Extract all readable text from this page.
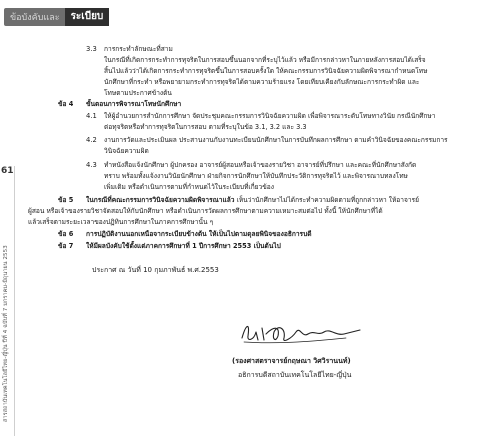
ข้อบังคับและ	ระเบียบ
61
สารสถาบันเทคโนโลยีไทย-ญี่ปุ่น ปีที่ 4 ฉบับที่ 7 มกราคม-มิถุนายน 2553
3.3 การกระทำลักษณะที่สาม
ในกรณีที่เกิดการกระทำการทุจริตในการสอบขึ้นนอกจากที่ระบุไว้แล้ว หรือมีการกล่าวหาในภายหลังการสอบได้เสร็จ
สิ้นไปแล้วว่าได้เกิดการกระทำการทุจริตขึ้นในการสอบครั้งใด ให้คณะกรรมการวินิจฉัยความผิดพิจารณากำหนดโทษ
นักศึกษาที่กระทำ หรือพยายามกระทำการทุจริตได้ตามความร้ายแรง โดยเทียบเคียงกับลักษณะการกระทำผิด และ
โทษตามประกาศข้างต้น
ข้อ 4 ขั้นตอนการพิจารณาโทษนักศึกษา
4.1 ให้ผู้อำนวยการสำนักการศึกษา จัดประชุมคณะกรรมการวินิจฉัยความผิด เพื่อพิจารณาระดับโทษทางวินัย กรณีนักศึกษา
ต่อทุจริตหรือทำการทุจริตในการสอบ ตามที่ระบุในข้อ 3.1, 3.2 และ 3.3
4.2 งานการวัดและประเมินผล ประสานงานกับงานทะเบียนนักศึกษาในการบันทึกผลการศึกษา ตามคำวินิจฉัยของคณะกรรมการ
วินิจฉัยความผิด
4.3 ทำหนังสือแจ้งนักศึกษา ผู้ปกครอง อาจารย์ผู้สอนหรือเจ้าของรายวิชา อาจารย์ที่ปรึกษา และคณะที่นักศึกษาสังกัด
ทราบ พร้อมทั้งแจ้งงานวินัยนักศึกษา ฝ่ายกิจการนักศึกษาให้บันทึกประวัติการทุจริตไว้ และพิจารณาบทลงโทษ
เพิ่มเติม หรือดำเนินการตามที่กำหนดไว้ในระเบียบที่เกี่ยวข้อง
ข้อ 5 ในกรณีที่คณะกรรมการวินิจฉัยความผิดพิจารณาแล้ว เห็นว่านักศึกษาไม่ได้กระทำความผิดตามที่ถูกกล่าวหา ให้อาจารย์
ผู้สอน หรือเจ้าของรายวิชาจัดสอบให้กับนักศึกษา หรือดำเนินการวัดผลการศึกษาตามความเหมาะสมต่อไป ทั้งนี้ ให้นักศึกษาที่ได้
แล้วเสร็จตามระยะเวลาของปฏิทินการศึกษาในภาคการศึกษานั้น ๆ
ข้อ 6 การปฏิบัติงานนอกเหนือจากระเบียบข้างต้น ให้เป็นไปตามดุลยพินิจของอธิการบดี
ข้อ 7 ให้มีผลบังคับใช้ตั้งแต่ภาคการศึกษาที่ 1 ปีการศึกษา 2553 เป็นต้นไป
ประกาศ ณ วันที่ 10 กุมภาพันธ์ พ.ศ.2553
(รองศาสตราจารย์กฤษณา วิศวิรานนท์)
อธิการบดีสถาบันเทคโนโลยีไทย-ญี่ปุ่น
